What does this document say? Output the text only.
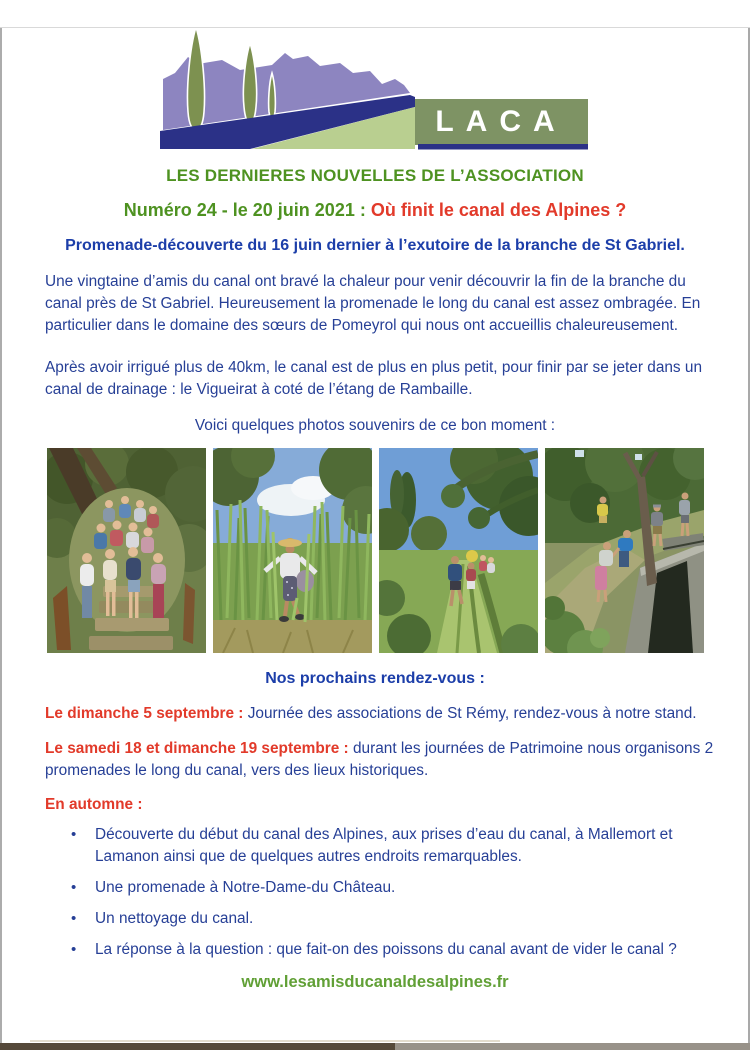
LACA
LES DERNIERES NOUVELLES DE L’ASSOCIATION
Numéro 24 - le 20 juin 2021 : Où finit le canal des Alpines ?
Promenade-découverte du 16 juin dernier à l’exutoire de la branche de St Gabriel.
Une vingtaine d’amis du canal ont bravé la chaleur pour venir découvrir la fin de la branche du canal près de St Gabriel. Heureusement la promenade le long du canal est assez ombragée. En particulier dans le domaine des sœurs de Pomeyrol qui nous ont accueillis chaleureusement.
Après avoir irrigué plus de 40km, le canal est de plus en plus petit, pour finir par se jeter dans un canal de drainage : le Vigueirat à coté de l’étang de Rambaille.
Voici quelques photos souvenirs de ce bon moment :
Nos prochains rendez-vous :
Le dimanche 5 septembre : Journée des associations de St Rémy, rendez-vous à notre stand.
Le samedi 18 et dimanche 19 septembre : durant les journées de Patrimoine nous organisons 2 promenades le long du canal, vers des lieux historiques.
En automne :
• Découverte du début du canal des Alpines, aux prises d’eau du canal, à Mallemort et Lamanon ainsi que de quelques autres endroits remarquables.
• Une promenade à Notre-Dame-du Château.
• Un nettoyage du canal.
• La réponse à la question : que fait-on des poissons du canal avant de vider le canal ?
www.lesamisducanaldesalpines.fr
